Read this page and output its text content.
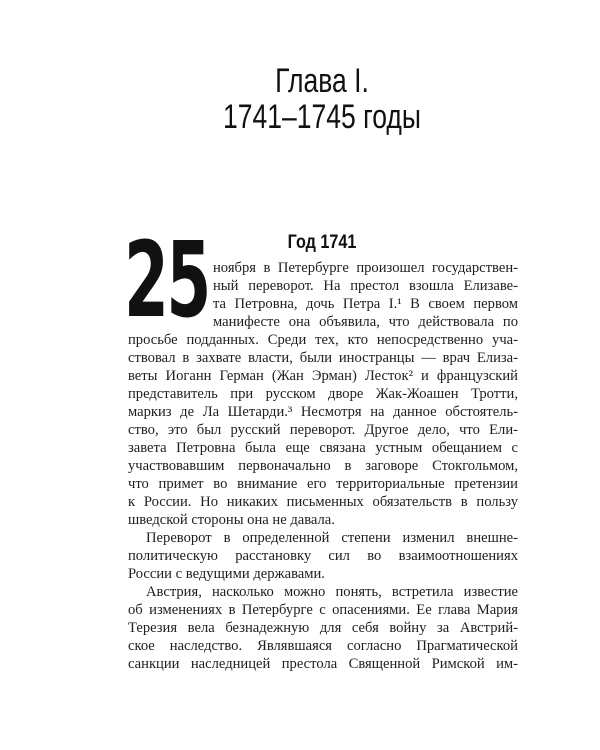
Глава I.
1741–1745 годы
Год 1741
25 ноября в Петербурге произошел государствен-
ный переворот. На престол взошла Елизаве-
та Петровна, дочь Петра I.¹ В своем первом
манифесте она объявила, что действовала по
просьбе подданных. Среди тех, кто непосредственно уча-
ствовал в захвате власти, были иностранцы — врач Елиза-
веты Иоганн Герман (Жан Эрман) Лесток² и французский
представитель при русском дворе Жак-Жоашен Тротти,
маркиз де Ла Шетарди.³ Несмотря на данное обстоятель-
ство, это был русский переворот. Другое дело, что Ели-
завета Петровна была еще связана устным обещанием с
участвовавшим первоначально в заговоре Стокгольмом,
что примет во внимание его территориальные претензии
к России. Но никаких письменных обязательств в пользу
шведской стороны она не давала.
Переворот в определенной степени изменил внешне-
политическую расстановку сил во взаимоотношениях
России с ведущими державами.
Австрия, насколько можно понять, встретила известие
об изменениях в Петербурге с опасениями. Ее глава Мария
Терезия вела безнадежную для себя войну за Австрий-
ское наследство. Являвшаяся согласно Прагматической
санкции наследницей престола Священной Римской им-
